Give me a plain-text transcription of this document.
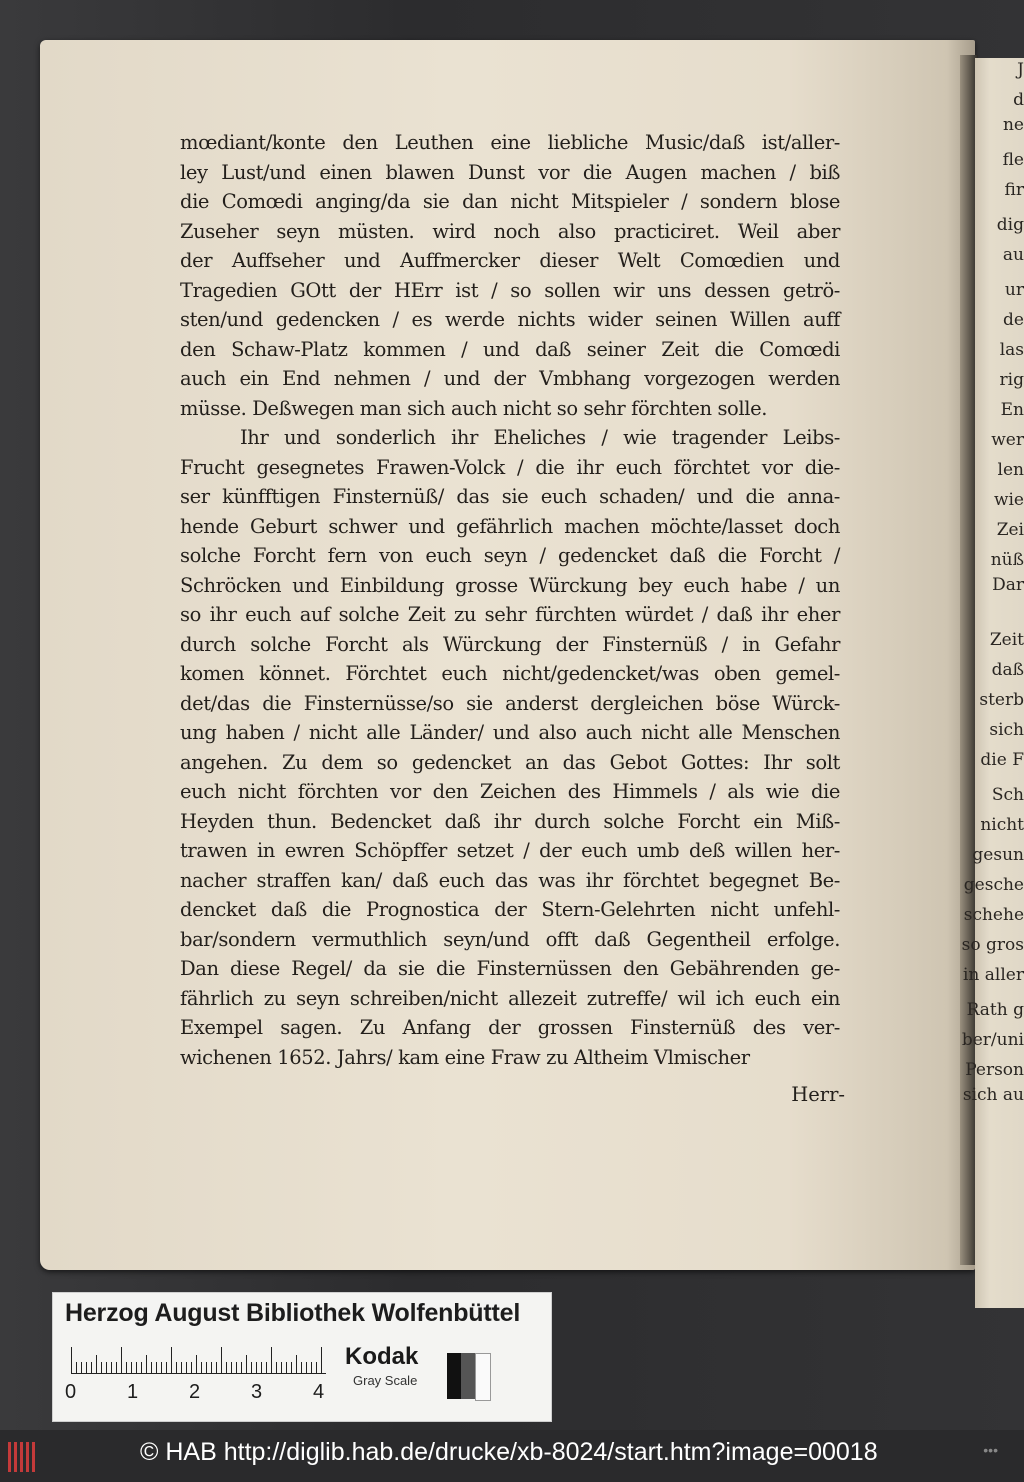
J
d
ne
fle
fir
dig
au
ur
de
las
rig
En
wer
len
wie
Zei
nüß
Dar
Zeit
daß
sterb
sich
die F
Sch
nicht
gesun
gesche
schehe
so gros
in aller
Rath g
ber/uni
Person
sich au
mœdiant/konte den Leuthen eine liebliche Music/daß ist/aller-
ley Lust/und einen blawen Dunst vor die Augen machen / biß
die Comœdi anging/da sie dan nicht Mitspieler / sondern blose
Zuseher seyn müsten. wird noch also practiciret. Weil aber
der Auffseher und Auffmercker dieser Welt Comœdien und
Tragedien GOtt der HErr ist / so sollen wir uns dessen getrö-
sten/und gedencken / es werde nichts wider seinen Willen auff
den Schaw-Platz kommen / und daß seiner Zeit die Comœdi
auch ein End nehmen / und der Vmbhang vorgezogen werden
müsse. Deßwegen man sich auch nicht so sehr förchten solle.
Ihr und sonderlich ihr Eheliches / wie tragender Leibs-
Frucht gesegnetes Frawen-Volck / die ihr euch förchtet vor die-
ser künfftigen Finsternüß/ das sie euch schaden/ und die anna-
hende Geburt schwer und gefährlich machen möchte/lasset doch
solche Forcht fern von euch seyn / gedencket daß die Forcht /
Schröcken und Einbildung grosse Würckung bey euch habe / un
so ihr euch auf solche Zeit zu sehr fürchten würdet / daß ihr eher
durch solche Forcht als Würckung der Finsternüß / in Gefahr
komen könnet. Förchtet euch nicht/gedencket/was oben gemel-
det/das die Finsternüsse/so sie anderst dergleichen böse Würck-
ung haben / nicht alle Länder/ und also auch nicht alle Menschen
angehen. Zu dem so gedencket an das Gebot Gottes: Ihr solt
euch nicht förchten vor den Zeichen des Himmels / als wie die
Heyden thun. Bedencket daß ihr durch solche Forcht ein Miß-
trawen in ewren Schöpffer setzet / der euch umb deß willen her-
nacher straffen kan/ daß euch das was ihr förchtet begegnet Be-
dencket daß die Prognostica der Stern-Gelehrten nicht unfehl-
bar/sondern vermuthlich seyn/und offt daß Gegentheil erfolge.
Dan diese Regel/ da sie die Finsternüssen den Gebährenden ge-
fährlich zu seyn schreiben/nicht allezeit zutreffe/ wil ich euch ein
Exempel sagen. Zu Anfang der grossen Finsternüß des ver-
wichenen 1652. Jahrs/ kam eine Fraw zu Altheim Vlmischer
Herr-
Herzog August Bibliothek Wolfenbüttel
0	1	2	3	4
Kodak
Gray Scale
© HAB http://diglib.hab.de/drucke/xb-8024/start.htm?image=00018	•••
